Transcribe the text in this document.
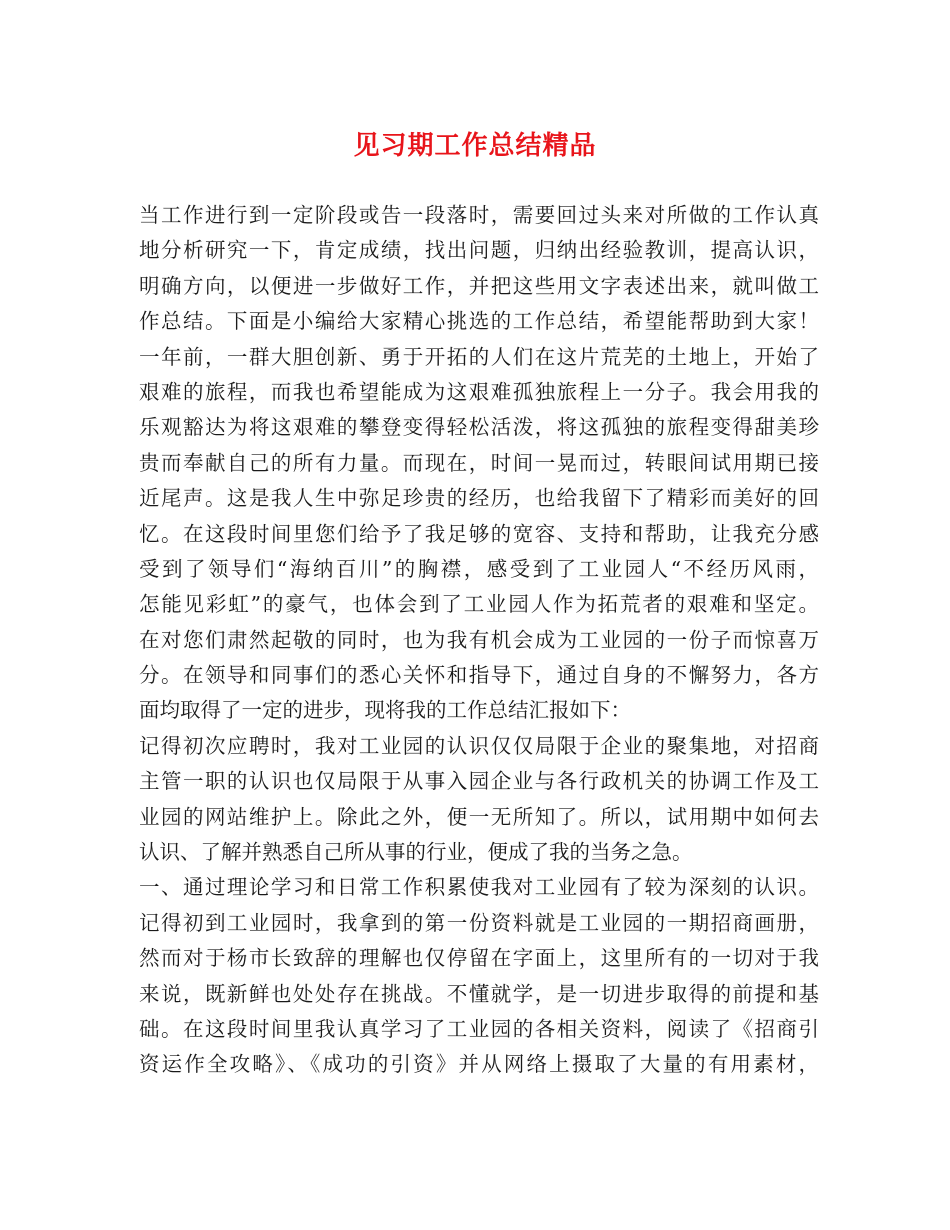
见习期工作总结精品
当工作进行到一定阶段或告一段落时，需要回过头来对所做的工作认真
地分析研究一下，肯定成绩，找出问题，归纳出经验教训，提高认识，
明确方向，以便进一步做好工作，并把这些用文字表述出来，就叫做工
作总结。下面是小编给大家精心挑选的工作总结，希望能帮助到大家！
一年前，一群大胆创新、勇于开拓的人们在这片荒芜的土地上，开始了
艰难的旅程，而我也希望能成为这艰难孤独旅程上一分子。我会用我的
乐观豁达为将这艰难的攀登变得轻松活泼，将这孤独的旅程变得甜美珍
贵而奉献自己的所有力量。而现在，时间一晃而过，转眼间试用期已接
近尾声。这是我人生中弥足珍贵的经历，也给我留下了精彩而美好的回
忆。在这段时间里您们给予了我足够的宽容、支持和帮助，让我充分感
受到了领导们“海纳百川”的胸襟，感受到了工业园人“不经历风雨，
怎能见彩虹”的豪气，也体会到了工业园人作为拓荒者的艰难和坚定。
在对您们肃然起敬的同时，也为我有机会成为工业园的一份子而惊喜万
分。在领导和同事们的悉心关怀和指导下，通过自身的不懈努力，各方
面均取得了一定的进步，现将我的工作总结汇报如下：
记得初次应聘时，我对工业园的认识仅仅局限于企业的聚集地，对招商
主管一职的认识也仅局限于从事入园企业与各行政机关的协调工作及工
业园的网站维护上。除此之外，便一无所知了。所以，试用期中如何去
认识、了解并熟悉自己所从事的行业，便成了我的当务之急。
一、通过理论学习和日常工作积累使我对工业园有了较为深刻的认识。
记得初到工业园时，我拿到的第一份资料就是工业园的一期招商画册，
然而对于杨市长致辞的理解也仅停留在字面上，这里所有的一切对于我
来说，既新鲜也处处存在挑战。不懂就学，是一切进步取得的前提和基
础。在这段时间里我认真学习了工业园的各相关资料，阅读了《招商引
资运作全攻略》、《成功的引资》并从网络上摄取了大量的有用素材，
